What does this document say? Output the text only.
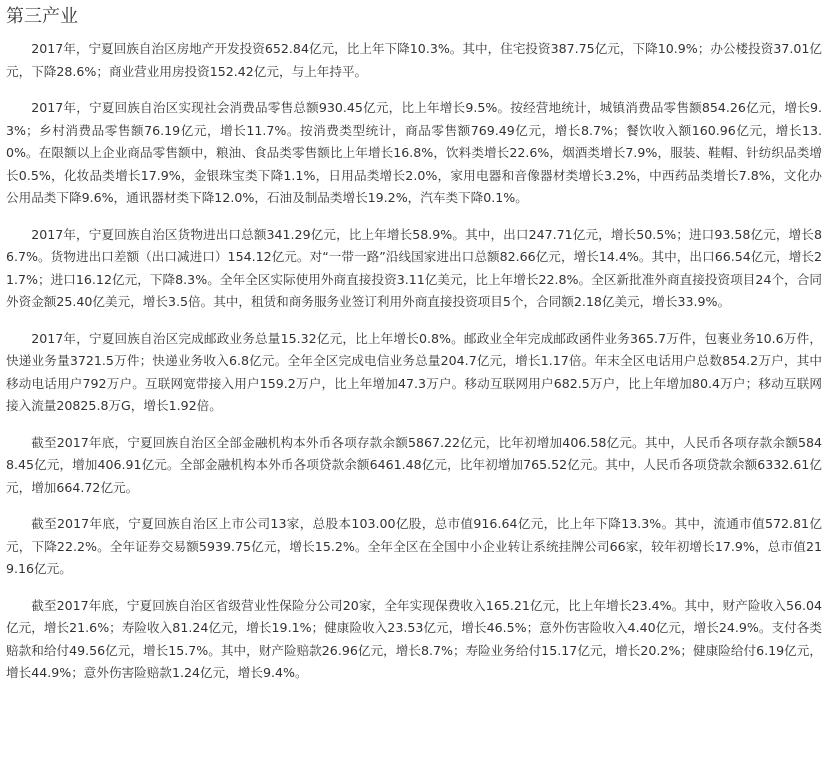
第三产业

2017年，宁夏回族自治区房地产开发投资652.84亿元，比上年下降10.3%。其中，住宅投资387.75亿元，下降10.9%；办公楼投资37.01亿元，下降28.6%；商业营业用房投资152.42亿元，与上年持平。

2017年，宁夏回族自治区实现社会消费品零售总额930.45亿元，比上年增长9.5%。按经营地统计，城镇消费品零售额854.26亿元，增长9.3%；乡村消费品零售额76.19亿元，增长11.7%。按消费类型统计，商品零售额769.49亿元，增长8.7%；餐饮收入额160.96亿元，增长13.0%。在限额以上企业商品零售额中，粮油、食品类零售额比上年增长16.8%，饮料类增长22.6%，烟酒类增长7.9%，服装、鞋帽、针纺织品类增长0.5%，化妆品类增长17.9%，金银珠宝类下降1.1%，日用品类增长2.0%，家用电器和音像器材类增长3.2%，中西药品类增长7.8%，文化办公用品类下降9.6%，通讯器材类下降12.0%，石油及制品类增长19.2%，汽车类下降0.1%。

2017年，宁夏回族自治区货物进出口总额341.29亿元，比上年增长58.9%。其中，出口247.71亿元，增长50.5%；进口93.58亿元，增长86.7%。货物进出口差额（出口减进口）154.12亿元。对“一带一路”沿线国家进出口总额82.66亿元，增长14.4%。其中，出口66.54亿元，增长21.7%；进口16.12亿元，下降8.3%。全年全区实际使用外商直接投资3.11亿美元，比上年增长22.8%。全区新批准外商直接投资项目24个，合同外资金额25.40亿美元，增长3.5倍。其中，租赁和商务服务业签订利用外商直接投资项目5个，合同额2.18亿美元，增长33.9%。

2017年，宁夏回族自治区完成邮政业务总量15.32亿元，比上年增长0.8%。邮政业全年完成邮政函件业务365.7万件，包裹业务10.6万件，快递业务量3721.5万件；快递业务收入6.8亿元。全年全区完成电信业务总量204.7亿元，增长1.17倍。年末全区电话用户总数854.2万户，其中移动电话用户792万户。互联网宽带接入用户159.2万户，比上年增加47.3万户。移动互联网用户682.5万户，比上年增加80.4万户；移动互联网接入流量20825.8万G，增长1.92倍。

截至2017年底，宁夏回族自治区全部金融机构本外币各项存款余额5867.22亿元，比年初增加406.58亿元。其中，人民币各项存款余额5848.45亿元，增加406.91亿元。全部金融机构本外币各项贷款余额6461.48亿元，比年初增加765.52亿元。其中，人民币各项贷款余额6332.61亿元，增加664.72亿元。

截至2017年底，宁夏回族自治区上市公司13家，总股本103.00亿股，总市值916.64亿元，比上年下降13.3%。其中，流通市值572.81亿元，下降22.2%。全年证券交易额5939.75亿元，增长15.2%。全年全区在全国中小企业转让系统挂牌公司66家，较年初增长17.9%，总市值219.16亿元。

截至2017年底，宁夏回族自治区省级营业性保险分公司20家，全年实现保费收入165.21亿元，比上年增长23.4%。其中，财产险收入56.04亿元，增长21.6%；寿险收入81.24亿元，增长19.1%；健康险收入23.53亿元，增长46.5%；意外伤害险收入4.40亿元，增长24.9%。支付各类赔款和给付49.56亿元，增长15.7%。其中，财产险赔款26.96亿元，增长8.7%；寿险业务给付15.17亿元，增长20.2%；健康险给付6.19亿元，增长44.9%；意外伤害险赔款1.24亿元，增长9.4%。
